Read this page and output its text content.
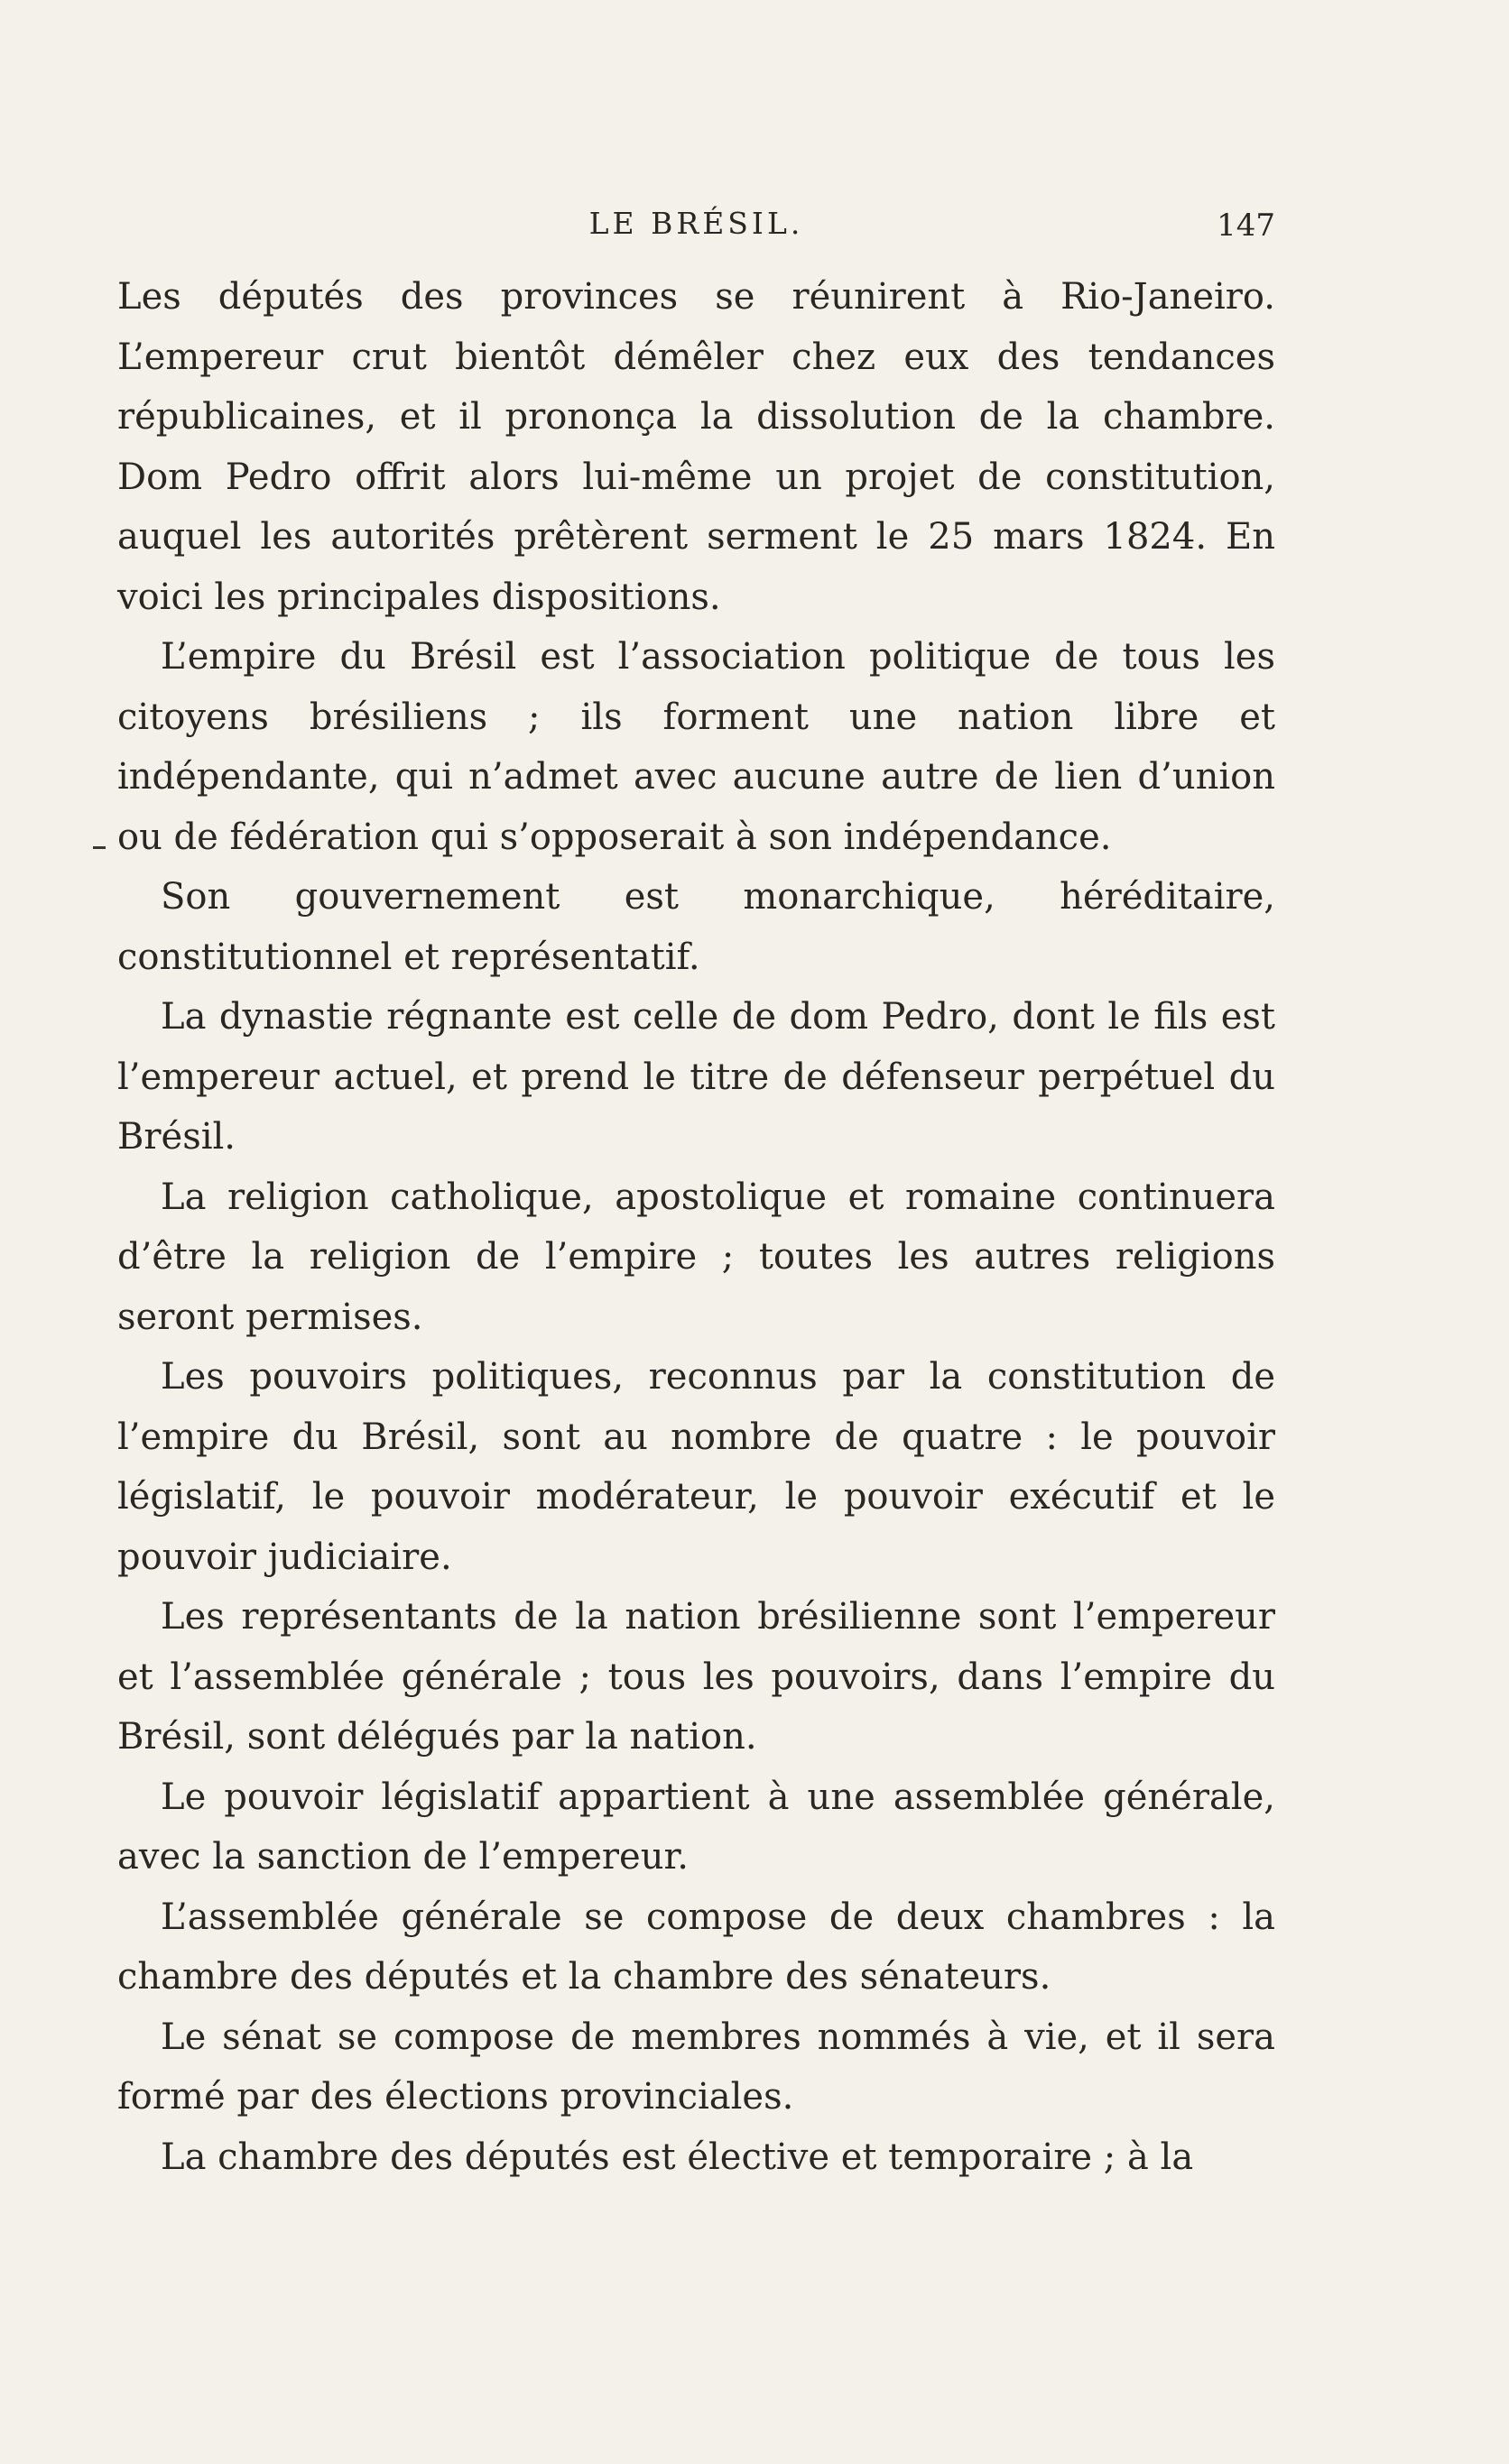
LE BRÉSIL.	147

Les députés des provinces se réunirent à Rio-Janeiro. L’empereur crut bientôt démêler chez eux des tendances républicaines, et il prononça la dissolution de la chambre. Dom Pedro offrit alors lui-même un projet de constitution, auquel les autorités prêtèrent serment le 25 mars 1824. En voici les principales dispositions.

L’empire du Brésil est l’association politique de tous les citoyens brésiliens ; ils forment une nation libre et indépendante, qui n’admet avec aucune autre de lien d’union ou de fédération qui s’opposerait à son indépendance.

Son gouvernement est monarchique, héréditaire, constitutionnel et représentatif.

La dynastie régnante est celle de dom Pedro, dont le fils est l’empereur actuel, et prend le titre de défenseur perpétuel du Brésil.

La religion catholique, apostolique et romaine continuera d’être la religion de l’empire ; toutes les autres religions seront permises.

Les pouvoirs politiques, reconnus par la constitution de l’empire du Brésil, sont au nombre de quatre : le pouvoir législatif, le pouvoir modérateur, le pouvoir exécutif et le pouvoir judiciaire.

Les représentants de la nation brésilienne sont l’empereur et l’assemblée générale ; tous les pouvoirs, dans l’empire du Brésil, sont délégués par la nation.

Le pouvoir législatif appartient à une assemblée générale, avec la sanction de l’empereur.

L’assemblée générale se compose de deux chambres : la chambre des députés et la chambre des sénateurs.

Le sénat se compose de membres nommés à vie, et il sera formé par des élections provinciales.

La chambre des députés est élective et temporaire ; à la
